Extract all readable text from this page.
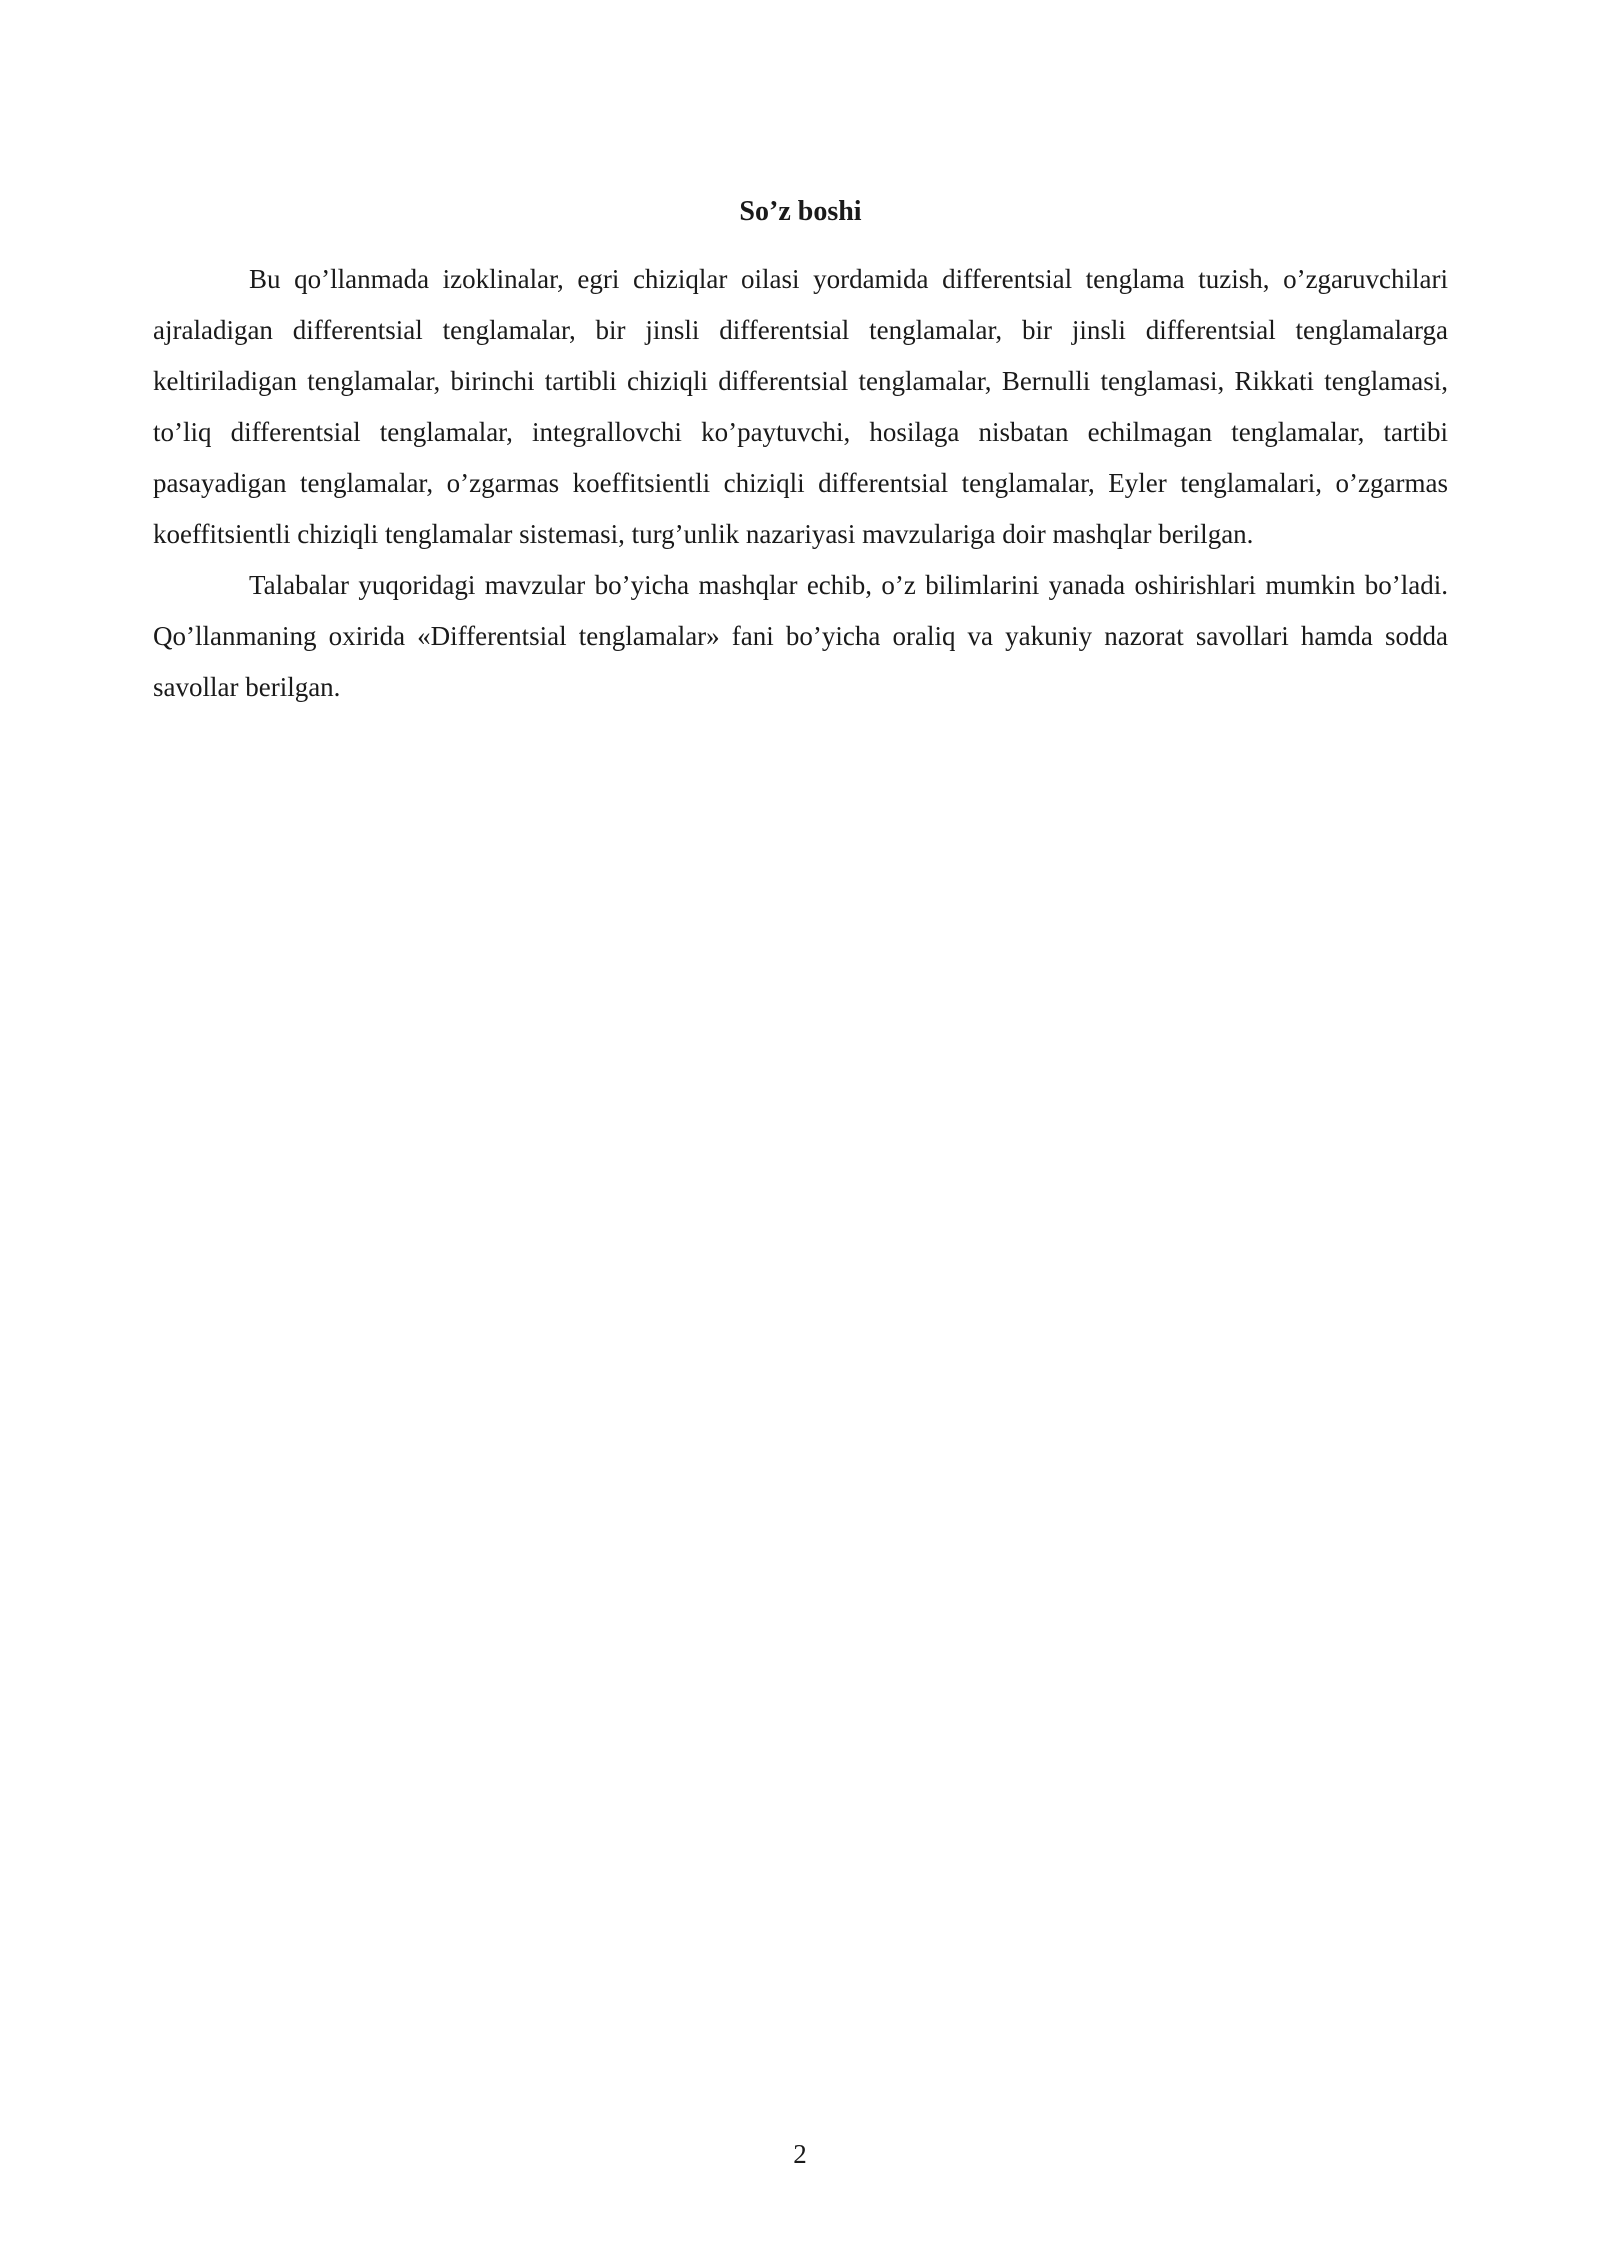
So’z boshi

Bu qo’llanmada izoklinalar, egri chiziqlar oilasi yordamida differentsial tenglama tuzish, o’zgaruvchilari ajraladigan differentsial tenglamalar, bir jinsli differentsial tenglamalar, bir jinsli differentsial tenglamalarga keltiriladigan tenglamalar, birinchi tartibli chiziqli differentsial tenglamalar, Bernulli tenglamasi, Rikkati tenglamasi, to’liq differentsial tenglamalar, integrallovchi ko’paytuvchi, hosilaga nisbatan echilmagan tenglamalar, tartibi pasayadigan tenglamalar, o’zgarmas koeffitsientli chiziqli differentsial tenglamalar, Eyler tenglamalari, o’zgarmas koeffitsientli chiziqli tenglamalar sistemasi, turg’unlik nazariyasi mavzulariga doir mashqlar berilgan.

Talabalar yuqoridagi mavzular bo’yicha mashqlar echib, o’z bilimlarini yanada oshirishlari mumkin bo’ladi. Qo’llanmaning oxirida «Differentsial tenglamalar» fani bo’yicha oraliq va yakuniy nazorat savollari hamda sodda savollar berilgan.

2
